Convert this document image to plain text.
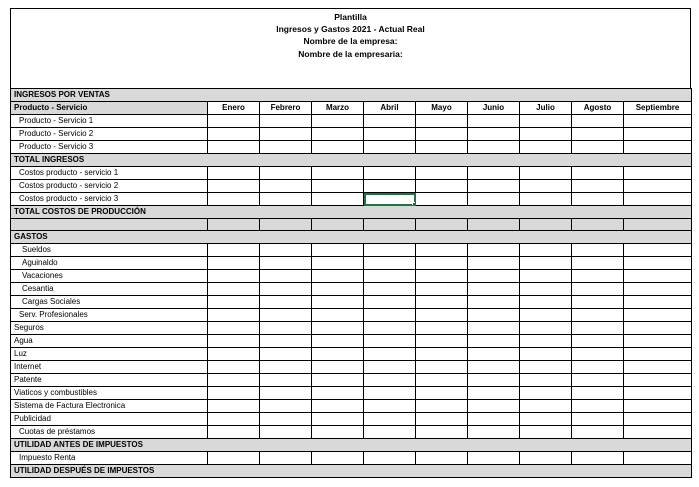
Plantilla
Ingresos y Gastos 2021 - Actual Real
Nombre de la empresa:
Nombre de la empresaria:
INGRESOS POR VENTAS									
Producto - Servicio	Enero	Febrero	Marzo	Abril	Mayo	Junio	Julio	Agosto	Septiembre
Producto - Servicio 1									
Producto - Servicio 2									
Producto - Servicio 3									
TOTAL INGRESOS									
Costos producto - servicio 1									
Costos producto - servicio 2									
Costos producto - servicio 3									
TOTAL COSTOS DE PRODUCCIÓN									

GASTOS									
Sueldos									
Aguinaldo									
Vacaciones									
Cesantia									
Cargas Sociales									
Serv. Profesionales									
Seguros									
Agua									
Luz									
Internet									
Patente									
Viaticos y combustibles									
Sistema de Factura Electronica									
Publicidad									
Cuotas de préstamos									
UTILIDAD ANTES DE IMPUESTOS									
Impuesto Renta									
UTILIDAD DESPUÉS DE IMPUESTOS									
